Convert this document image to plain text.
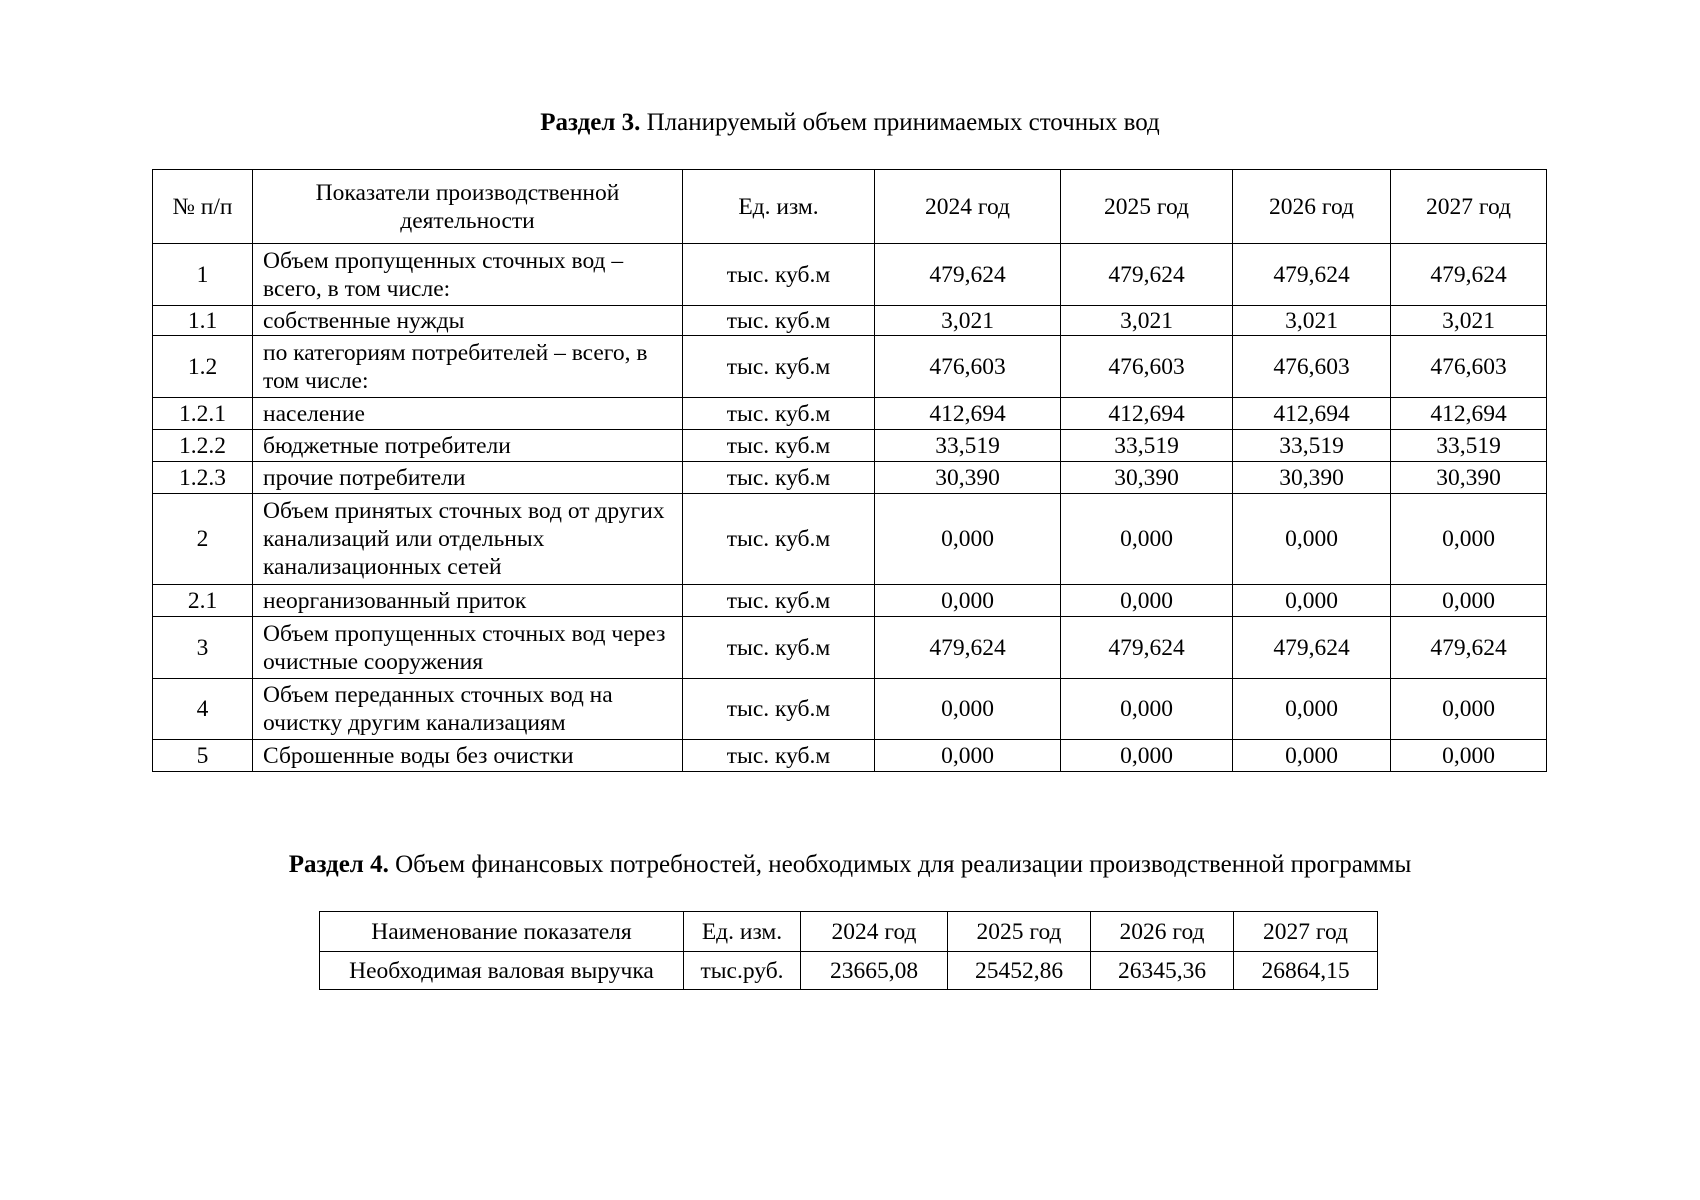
Раздел 3. Планируемый объем принимаемых сточных вод
№ п/п	Показатели производственной деятельности	Ед. изм.	2024 год	2025 год	2026 год	2027 год
1	Объем пропущенных сточных вод – всего, в том числе:	тыс. куб.м	479,624	479,624	479,624	479,624
1.1	собственные нужды	тыс. куб.м	3,021	3,021	3,021	3,021
1.2	по категориям потребителей – всего, в том числе:	тыс. куб.м	476,603	476,603	476,603	476,603
1.2.1	население	тыс. куб.м	412,694	412,694	412,694	412,694
1.2.2	бюджетные потребители	тыс. куб.м	33,519	33,519	33,519	33,519
1.2.3	прочие потребители	тыс. куб.м	30,390	30,390	30,390	30,390
2	Объем принятых сточных вод от других канализаций или отдельных канализационных сетей	тыс. куб.м	0,000	0,000	0,000	0,000
2.1	неорганизованный приток	тыс. куб.м	0,000	0,000	0,000	0,000
3	Объем пропущенных сточных вод через очистные сооружения	тыс. куб.м	479,624	479,624	479,624	479,624
4	Объем переданных сточных вод на очистку другим канализациям	тыс. куб.м	0,000	0,000	0,000	0,000
5	Сброшенные воды без очистки	тыс. куб.м	0,000	0,000	0,000	0,000
Раздел 4. Объем финансовых потребностей, необходимых для реализации производственной программы
Наименование показателя	Ед. изм.	2024 год	2025 год	2026 год	2027 год
Необходимая валовая выручка	тыс.руб.	23665,08	25452,86	26345,36	26864,15
